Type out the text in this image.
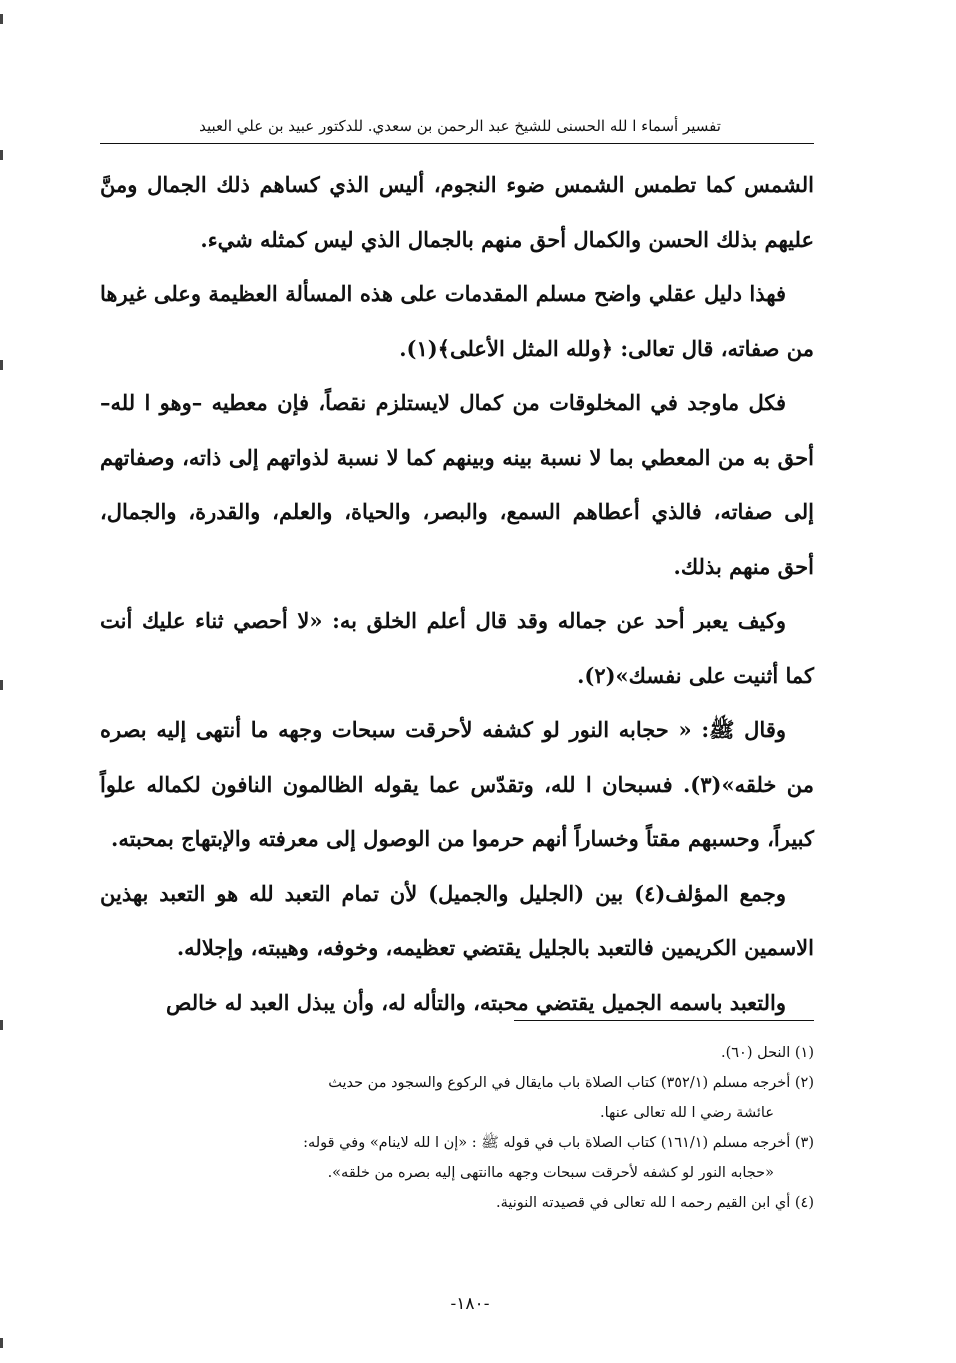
تفسير أسماء ا لله الحسنى للشيخ عبد الرحمن بن سعدي. للدكتور عبيد بن علي العبيد

الشمس كما تطمس الشمس ضوء النجوم، أليس الذي كساهم ذلك الجمال ومنَّ عليهم بذلك الحسن والكمال أحق منهم بالجمال الذي ليس كمثله شيء.

فهذا دليل عقلي واضح مسلم المقدمات على هذه المسألة العظيمة وعلى غيرها من صفاته، قال تعالى: ﴿ولله المثل الأعلى﴾(١).

فكل ماوجد في المخلوقات من كمال لايستلزم نقصاً، فإن معطيه –وهو ا لله– أحق به من المعطي بما لا نسبة بينه وبينهم كما لا نسبة لذواتهم إلى ذاته، وصفاتهم إلى صفاته، فالذي أعطاهم السمع، والبصر، والحياة، والعلم، والقدرة، والجمال، أحق منهم بذلك.

وكيف يعبر أحد عن جماله وقد قال أعلم الخلق به: «لا أحصي ثناء عليك أنت كما أثنيت على نفسك»(٢).

وقال ﷺ: « حجابه النور لو كشفه لأحرقت سبحات وجهه ما أنتهى إليه بصره من خلقه»(٣). فسبحان ا لله، وتقدّس عما يقوله الظالمون النافون لكماله علواً كبيراً، وحسبهم مقتاً وخساراً أنهم حرموا من الوصول إلى معرفته والإبتهاج بمحبته.

وجمع المؤلف(٤) بين (الجليل والجميل) لأن تمام التعبد لله هو التعبد بهذين الاسمين الكريمين فالتعبد بالجليل يقتضي تعظيمه، وخوفه، وهيبته، وإجلاله.

والتعبد باسمه الجميل يقتضي محبته، والتأله له، وأن يبذل العبد له خالص

(١) النحل (٦٠).

(٢) أخرجه مسلم (٣٥٢/١) كتاب الصلاة باب مايقال في الركوع والسجود من حديث

عائشة رضي ا لله تعالى عنها.

(٣) أخرجه مسلم (١٦١/١) كتاب الصلاة باب في قوله ﷺ : «إن ا لله لاينام» وفي قوله:

«حجابه النور لو كشفه لأحرقت سبحات وجهه ماانتهى إليه بصره من خلقه».

(٤) أي ابن القيم رحمه ا لله تعالى في قصيدته النونية.

-١٨٠-
